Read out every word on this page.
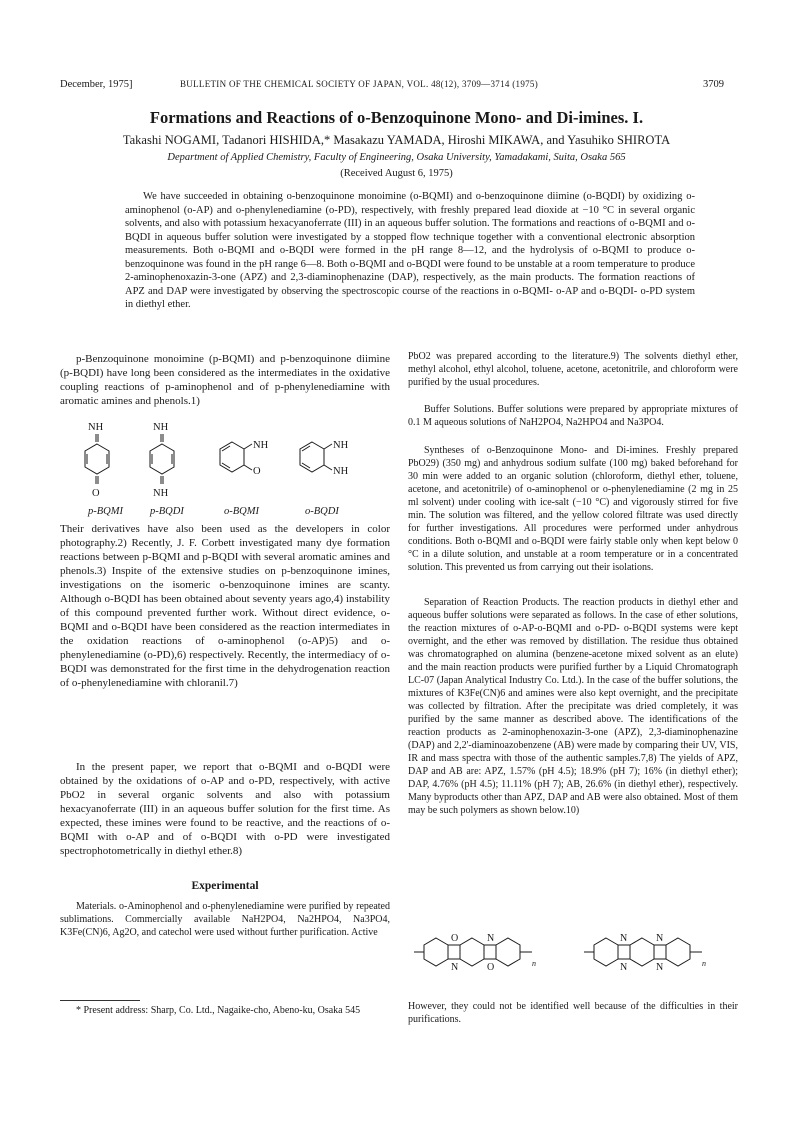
December, 1975]	BULLETIN OF THE CHEMICAL SOCIETY OF JAPAN, VOL. 48(12), 3709—3714 (1975)	3709
Formations and Reactions of o-Benzoquinone Mono- and Di-imines. I.
Takashi NOGAMI, Tadanori HISHIDA,* Masakazu YAMADA, Hiroshi MIKAWA, and Yasuhiko SHIROTA
Department of Applied Chemistry, Faculty of Engineering, Osaka University, Yamadakami, Suita, Osaka 565
(Received August 6, 1975)

We have succeeded in obtaining o-benzoquinone monoimine (o-BQMI) and o-benzoquinone diimine (o-BQDI) by oxidizing o-aminophenol (o-AP) and o-phenylenediamine (o-PD), respectively, with freshly prepared lead dioxide at −10 °C in several organic solvents, and also with potassium hexacyanoferrate (III) in an aqueous buffer solution. The formations and reactions of o-BQMI and o-BQDI in aqueous buffer solution were investigated by a stopped flow technique together with a conventional electronic absorption measurements. Both o-BQMI and o-BQDI were formed in the pH range 8—12, and the hydrolysis of o-BQMI to produce o-benzoquinone was found in the pH range 6—8. Both o-BQMI and o-BQDI were found to be unstable at a room temperature to produce 2-aminophenoxazin-3-one (APZ) and 2,3-diaminophenazine (DAP), respectively, as the main products. The formation reactions of APZ and DAP were investigated by observing the spectroscopic course of the reactions in o-BQMI- o-AP and o-BQDI- o-PD system in diethyl ether.

p-Benzoquinone monoimine (p-BQMI) and p-benzoquinone diimine (p-BQDI) have long been considered as the intermediates in the oxidative coupling reactions of p-aminophenol and of p-phenylenediamine with aromatic amines and phenols.1)

NH
O
NH
NH
NH
O
NH
NH
p-BQMI	p-BQDI	o-BQMI	o-BQDI

Their derivatives have also been used as the developers in color photography.2) Recently, J. F. Corbett investigated many dye formation reactions between p-BQMI and p-BQDI with several aromatic amines and phenols.3) Inspite of the extensive studies on p-benzoquinone imines, investigations on the isomeric o-benzoquinone imines are scanty. Although o-BQDI has been obtained about seventy years ago,4) instability of this compound prevented further work. Without direct evidence, o-BQMI and o-BQDI have been considered as the reaction intermediates in the oxidation reactions of o-aminophenol (o-AP)5) and o-phenylenediamine (o-PD),6) respectively. Recently, the intermediacy of o-BQDI was demonstrated for the first time in the dehydrogenation reaction of o-phenylenediamine with chloranil.7)

In the present paper, we report that o-BQMI and o-BQDI were obtained by the oxidations of o-AP and o-PD, respectively, with active PbO2 in several organic solvents and also with potassium hexacyanoferrate (III) in an aqueous buffer solution for the first time. As expected, these imines were found to be reactive, and the reactions of o-BQMI with o-AP and of o-BQDI with o-PD were investigated spectrophotometrically in diethyl ether.8)

Experimental

Materials. o-Aminophenol and o-phenylenediamine were purified by repeated sublimations. Commercially available NaH2PO4, Na2HPO4, Na3PO4, K3Fe(CN)6, Ag2O, and catechol were used without further purification. Active

* Present address: Sharp, Co. Ltd., Nagaike-cho, Abeno-ku, Osaka 545

PbO2 was prepared according to the literature.9) The solvents diethyl ether, methyl alcohol, ethyl alcohol, toluene, acetone, acetonitrile, and chloroform were purified by the usual procedures.

Buffer Solutions. Buffer solutions were prepared by appropriate mixtures of 0.1 M aqueous solutions of NaH2PO4, Na2HPO4 and Na3PO4.

Syntheses of o-Benzoquinone Mono- and Di-imines. Freshly prepared PbO29) (350 mg) and anhydrous sodium sulfate (100 mg) baked beforehand for 30 min were added to an organic solution (chloroform, diethyl ether, toluene, acetone, and acetonitrile) of o-aminophenol or o-phenylenediamine (2 mg in 25 ml solvent) under cooling with ice-salt (−10 °C) and vigorously stirred for five min. The solution was filtered, and the yellow colored filtrate was used directly for further investigations. All procedures were performed under anhydrous conditions. Both o-BQMI and o-BQDI were fairly stable only when kept below 0 °C in a dilute solution, and unstable at a room temperature or in a concentrated solution. This prevented us from carrying out their isolations.

Separation of Reaction Products. The reaction products in diethyl ether and aqueous buffer solutions were separated as follows. In the case of ether solutions, the reaction mixtures of o-AP-o-BQMI and o-PD- o-BQDI systems were kept overnight, and the ether was removed by distillation. The residue thus obtained was chromatographed on alumina (benzene-acetone mixed solvent as an elute) and the main reaction products were purified further by a Liquid Chromatograph LC-07 (Japan Analytical Industry Co. Ltd.). In the case of the buffer solutions, the mixtures of K3Fe(CN)6 and amines were also kept overnight, and the precipitate was collected by filtration. After the precipitate was dried completely, it was purified by the same manner as described above. The identifications of the reaction products as 2-aminophenoxazin-3-one (APZ), 2,3-diaminophenazine (DAP) and 2,2'-diaminoazobenzene (AB) were made by comparing their UV, VIS, IR and mass spectra with those of the authentic samples.7,8) The yields of APZ, DAP and AB are: APZ, 1.57% (pH 4.5); 18.9% (pH 7); 16% (in diethyl ether); DAP, 4.76% (pH 4.5); 11.11% (pH 7); AB, 26.6% (in diethyl ether), respectively. Many byproducts other than APZ, DAP and AB were also obtained. Most of them may be such polymers as shown below.10)

O
N
N
O	n
N
N
N
N	n

However, they could not be identified well because of the difficulties in their purifications.
